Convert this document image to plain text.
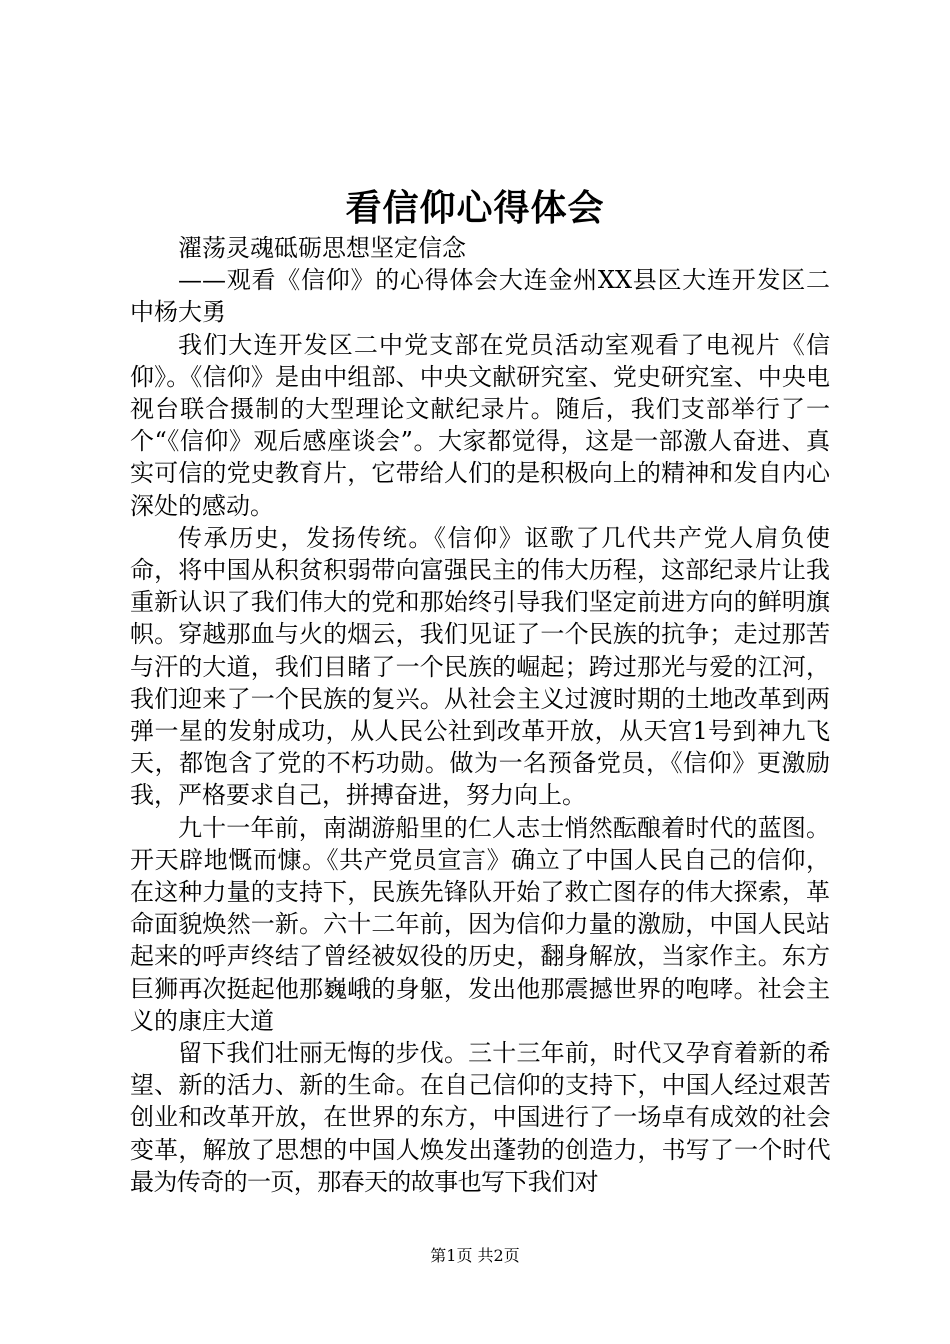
看信仰心得体会

濯荡灵魂砥砺思想坚定信念

——观看《信仰》的心得体会大连金州XX县区大连开发区二中杨大勇

我们大连开发区二中党支部在党员活动室观看了电视片《信仰》。《信仰》是由中组部、中央文献研究室、党史研究室、中央电视台联合摄制的大型理论文献纪录片。随后，我们支部举行了一个“《信仰》观后感座谈会”。大家都觉得，这是一部激人奋进、真实可信的党史教育片，它带给人们的是积极向上的精神和发自内心深处的感动。

传承历史，发扬传统。《信仰》讴歌了几代共产党人肩负使命，将中国从积贫积弱带向富强民主的伟大历程，这部纪录片让我重新认识了我们伟大的党和那始终引导我们坚定前进方向的鲜明旗帜。穿越那血与火的烟云，我们见证了一个民族的抗争；走过那苦与汗的大道，我们目睹了一个民族的崛起；跨过那光与爱的江河，我们迎来了一个民族的复兴。从社会主义过渡时期的土地改革到两弹一星的发射成功，从人民公社到改革开放，从天宫1号到神九飞天，都饱含了党的不朽功勋。做为一名预备党员，《信仰》更激励我，严格要求自己，拼搏奋进，努力向上。

九十一年前，南湖游船里的仁人志士悄然酝酿着时代的蓝图。开天辟地慨而慷。《共产党员宣言》确立了中国人民自己的信仰，在这种力量的支持下，民族先锋队开始了救亡图存的伟大探索，革命面貌焕然一新。六十二年前，因为信仰力量的激励，中国人民站起来的呼声终结了曾经被奴役的历史，翻身解放，当家作主。东方巨狮再次挺起他那巍峨的身躯，发出他那震撼世界的咆哮。社会主义的康庄大道

留下我们壮丽无悔的步伐。三十三年前，时代又孕育着新的希望、新的活力、新的生命。在自己信仰的支持下，中国人经过艰苦创业和改革开放，在世界的东方，中国进行了一场卓有成效的社会变革，解放了思想的中国人焕发出蓬勃的创造力，书写了一个时代最为传奇的一页，那春天的故事也写下我们对

第1页 共2页
